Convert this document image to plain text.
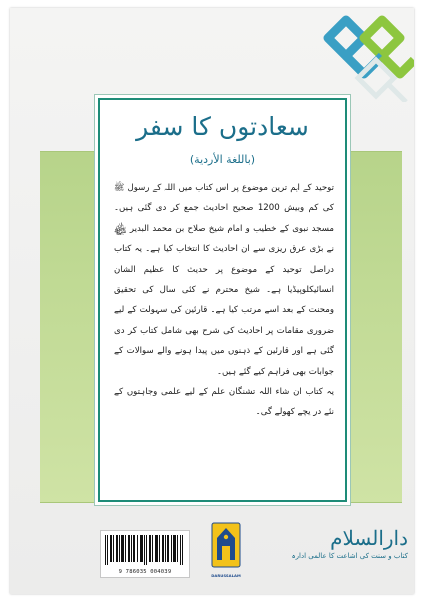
سعادتوں کا سفر
(باللغة الأردية)

توحید کے اہم ترین موضوع پر اس کتاب میں اللہ کے رسول ﷺ کی کم وبیش 1200 صحیح احادیث جمع کر دی گئی ہیں۔ مسجد نبوی کے خطیب و امام شیخ صلاح بن محمد البدیر ﷾ نے بڑی عرق ریزی سے ان احادیث کا انتخاب کیا ہے۔ یہ کتاب دراصل توحید کے موضوع پر حدیث کا عظیم الشان انسائیکلوپیڈیا ہے۔ شیخ محترم نے کئی سال کی تحقیق ومحنت کے بعد اسے مرتب کیا ہے۔ قارئین کی سہولت کے لیے ضروری مقامات پر احادیث کی شرح بھی شامل کتاب کر دی گئی ہے اور قارئین کے ذہنوں میں پیدا ہونے والے سوالات کے جوابات بھی فراہم کیے گئے ہیں۔

یہ کتاب ان شاء اللہ تشنگان علم کے لیے علمی وجاہتوں کے نئے در یچے کھولے گی۔

9 786035 004039
DARUSSALAM
دارالسلام
کتاب و سنت کی اشاعت کا عالمی ادارہ
